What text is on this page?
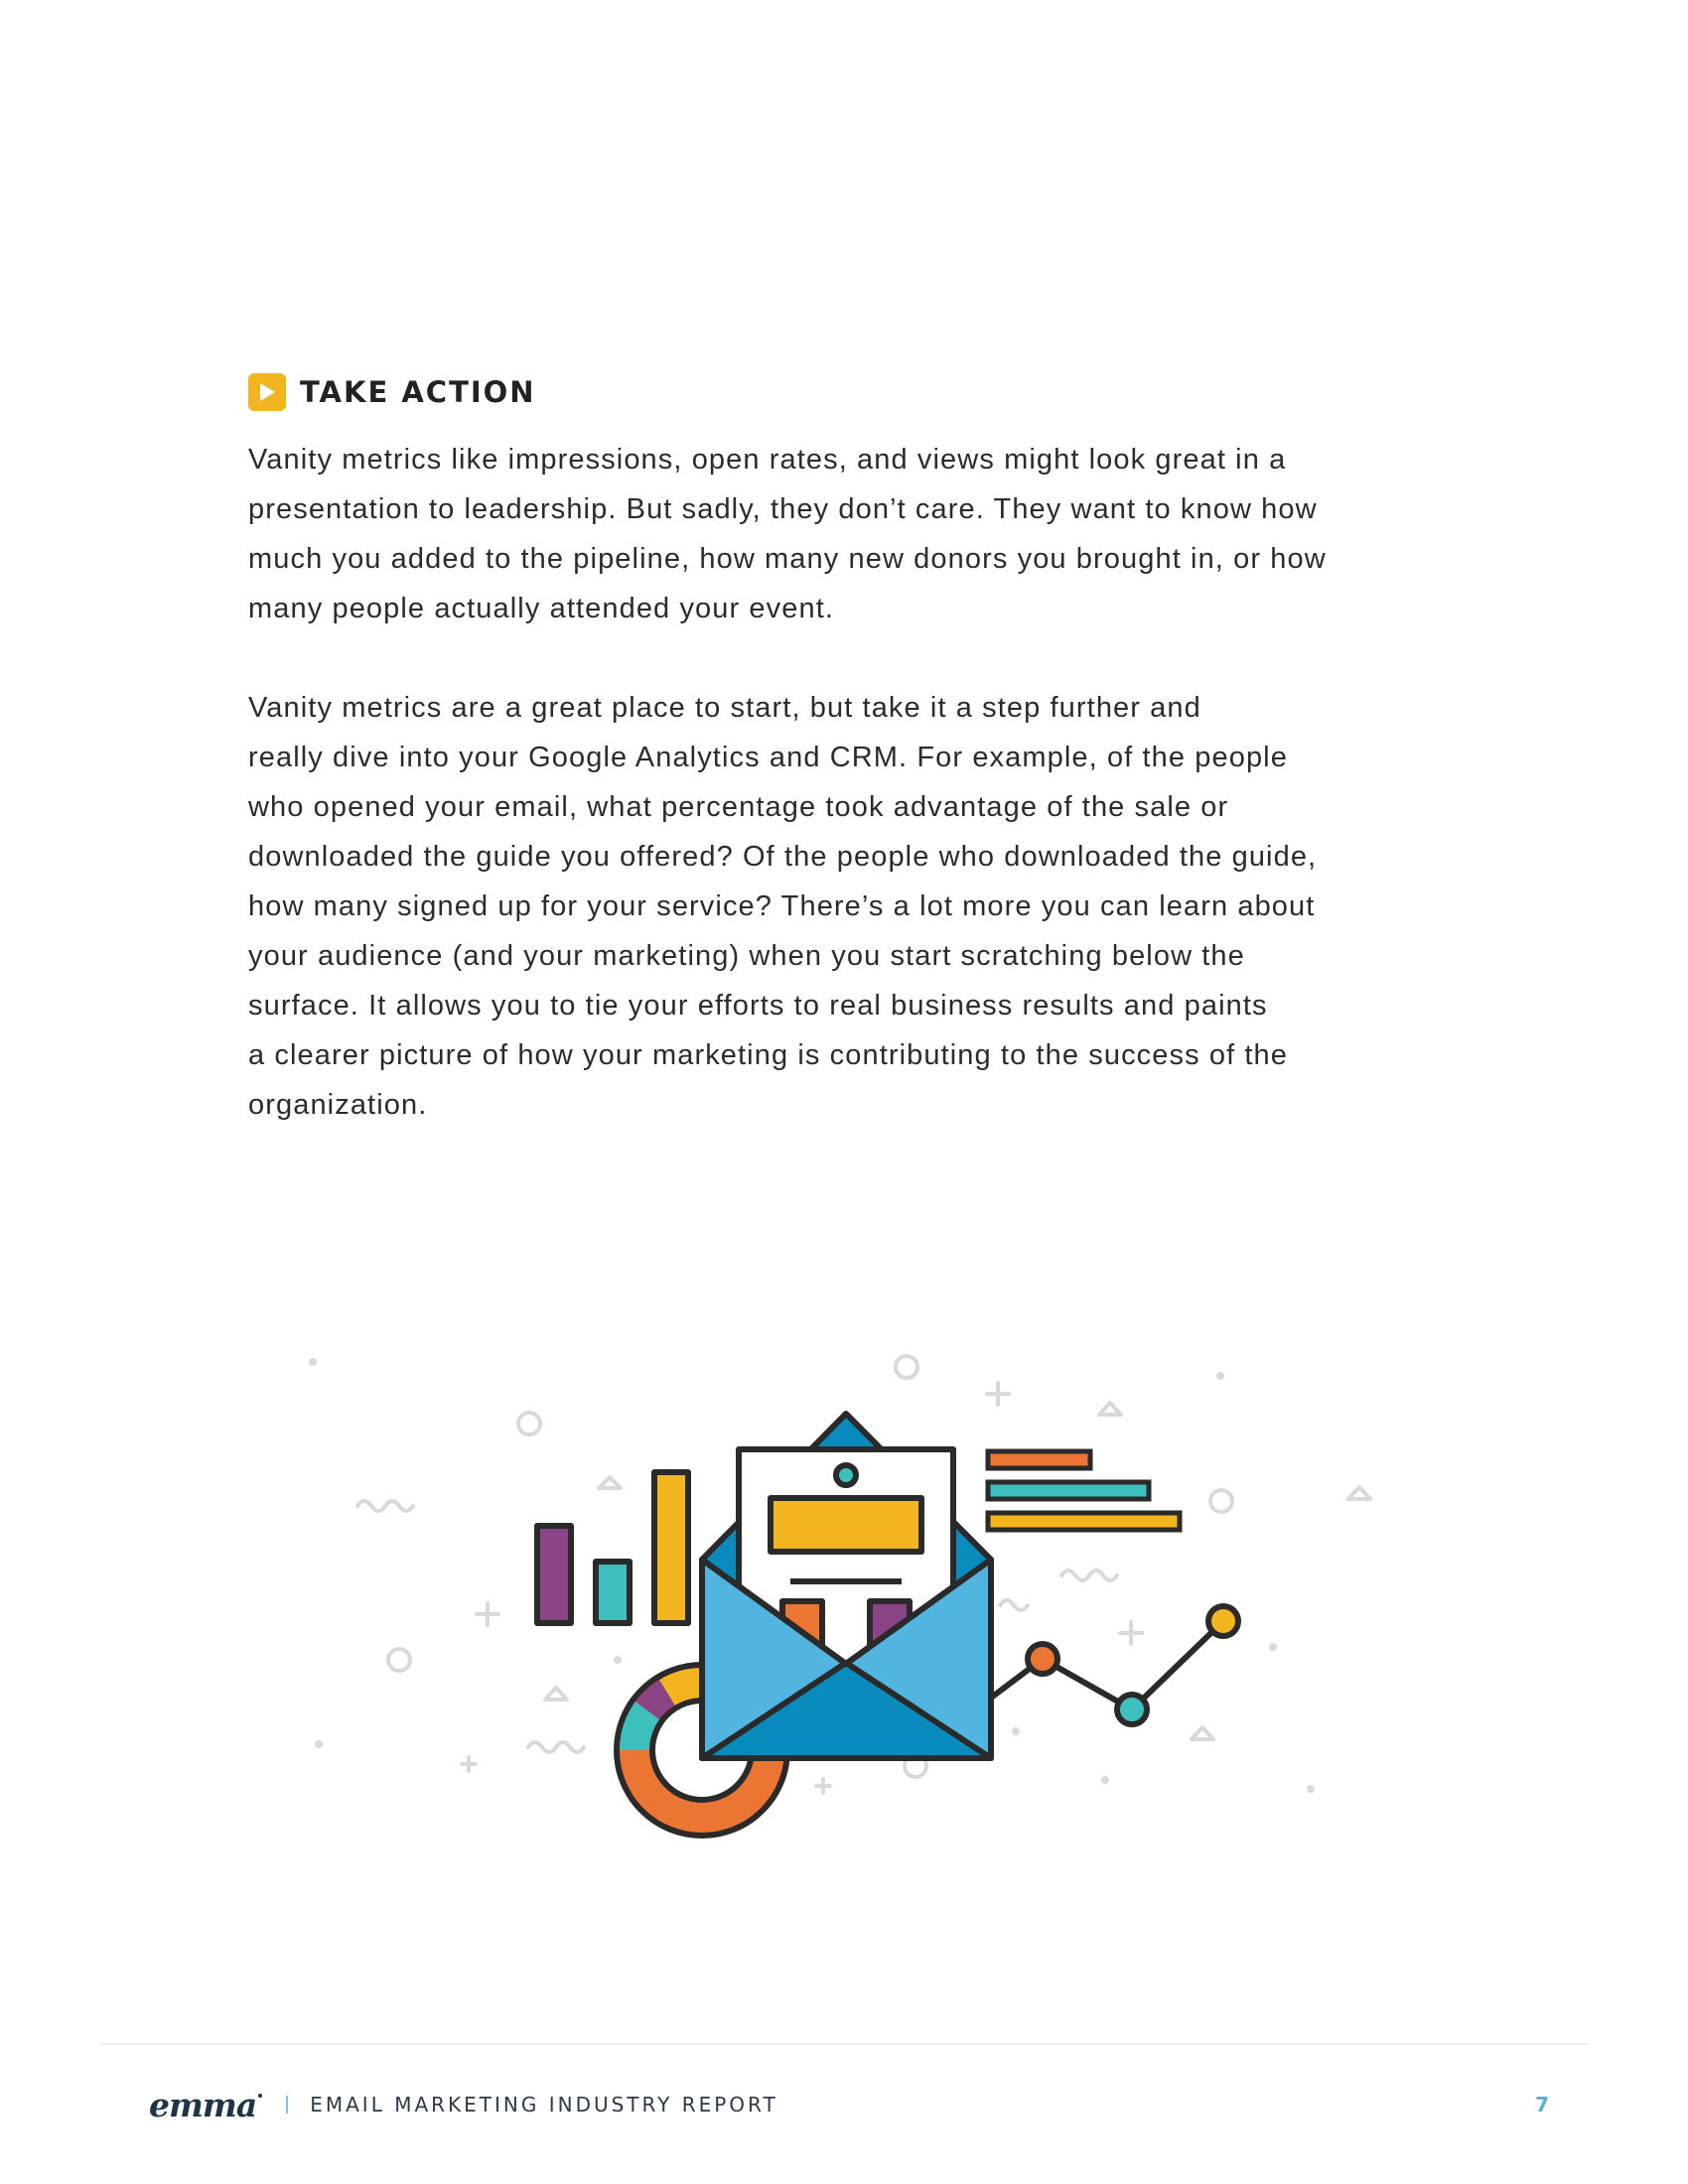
TAKE ACTION

Vanity metrics like impressions, open rates, and views might look great in a
presentation to leadership. But sadly, they don’t care. They want to know how
much you added to the pipeline, how many new donors you brought in, or how
many people actually attended your event.

Vanity metrics are a great place to start, but take it a step further and
really dive into your Google Analytics and CRM. For example, of the people
who opened your email, what percentage took advantage of the sale or
downloaded the guide you offered? Of the people who downloaded the guide,
how many signed up for your service? There’s a lot more you can learn about
your audience (and your marketing) when you start scratching below the
surface. It allows you to tie your efforts to real business results and paints
a clearer picture of how your marketing is contributing to the success of the
organization.

emma	EMAIL MARKETING INDUSTRY REPORT	7
